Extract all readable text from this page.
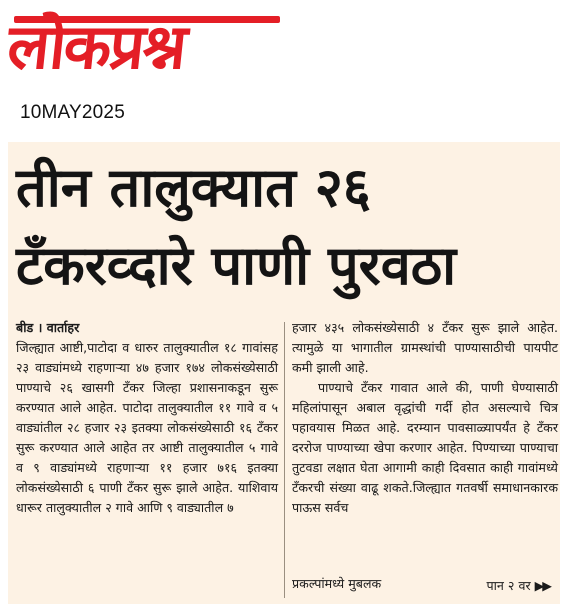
लोकप्रश्न
10MAY2025
तीन तालुक्यात २६
टँकरव्दारे पाणी पुरवठा
बीड । वार्ताहर
जिल्ह्यात आष्टी,पाटोदा व धारुर तालुक्यातील १८ गावांसह २३ वाड्यांमध्ये राहणाऱ्या ४७ हजार १७४ लोकसंख्येसाठी पाण्याचे २६ खासगी टँकर जिल्हा प्रशासनाकडून सुरू करण्यात आले आहेत. पाटोदा तालुक्यातील ११ गावे व ५ वाड्यांतील २८ हजार २३ इतक्या लोकसंख्येसाठी १६ टँकर सुरू करण्यात आले आहेत तर आष्टी तालुक्यातील ५ गावे व ९ वाड्यांमध्ये राहणाऱ्या ११ हजार ७१६ इतक्या लोकसंख्येसाठी ६ पाणी टँकर सुरू झाले आहेत. याशिवाय धारूर तालुक्यातील २ गावे आणि ९ वाड्यातील ७
हजार ४३५ लोकसंख्येसाठी ४ टँकर सुरू झाले आहेत. त्यामुळे या भागातील ग्रामस्थांची पाण्यासाठीची पायपीट कमी झाली आहे.
पाण्याचे टँकर गावात आले की, पाणी घेण्यासाठी महिलांपासून अबाल वृद्धांची गर्दी होत असल्याचे चित्र पहावयास मिळत आहे. दरम्यान पावसाळ्यापर्यंत हे टँकर दररोज पाण्याच्या खेपा करणार आहेत. पिण्याच्या पाण्याचा तुटवडा लक्षात घेता आगामी काही दिवसात काही गावांमध्ये टँकरची संख्या वाढू शकते.जिल्ह्यात गतवर्षी समाधानकारक पाऊस सर्वच
प्रकल्पांमध्ये मुबलक	पान २ वर ▶▶
